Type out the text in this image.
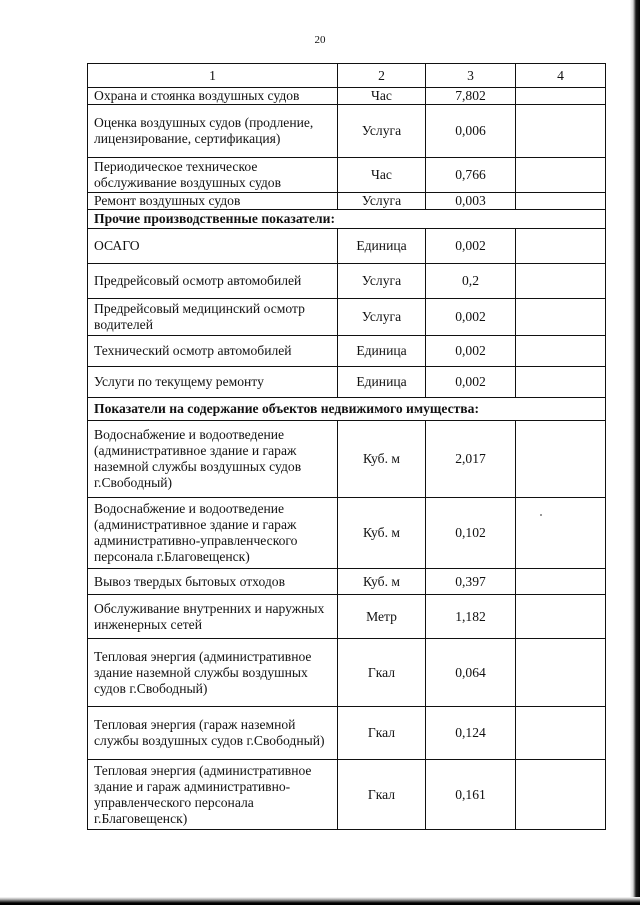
20
1	2	3	4
Охрана и стоянка воздушных судов	Час	7,802	
Оценка воздушных судов (продление, лицензирование, сертификация)	Услуга	0,006	
Периодическое техническое обслуживание воздушных судов	Час	0,766	
Ремонт воздушных судов	Услуга	0,003	
Прочие производственные показатели:			
ОСАГО	Единица	0,002	
Предрейсовый осмотр автомобилей	Услуга	0,2	
Предрейсовый медицинский осмотр водителей	Услуга	0,002	
Технический осмотр автомобилей	Единица	0,002	
Услуги по текущему ремонту	Единица	0,002	
Показатели на содержание объектов недвижимого имущества:			
Водоснабжение и водоотведение (административное здание и гараж наземной службы воздушных судов г.Свободный)	Куб. м	2,017	
Водоснабжение и водоотведение (административное здание и гараж административно-управленческого персонала г.Благовещенск)	Куб. м	0,102	
Вывоз твердых бытовых отходов	Куб. м	0,397	
Обслуживание внутренних и наружных инженерных сетей	Метр	1,182	
Тепловая энергия (административное здание наземной службы воздушных судов г.Свободный)	Гкал	0,064	
Тепловая энергия (гараж наземной службы воздушных судов г.Свободный)	Гкал	0,124	
Тепловая энергия (административное здание и гараж административно-управленческого персонала г.Благовещенск)	Гкал	0,161	
